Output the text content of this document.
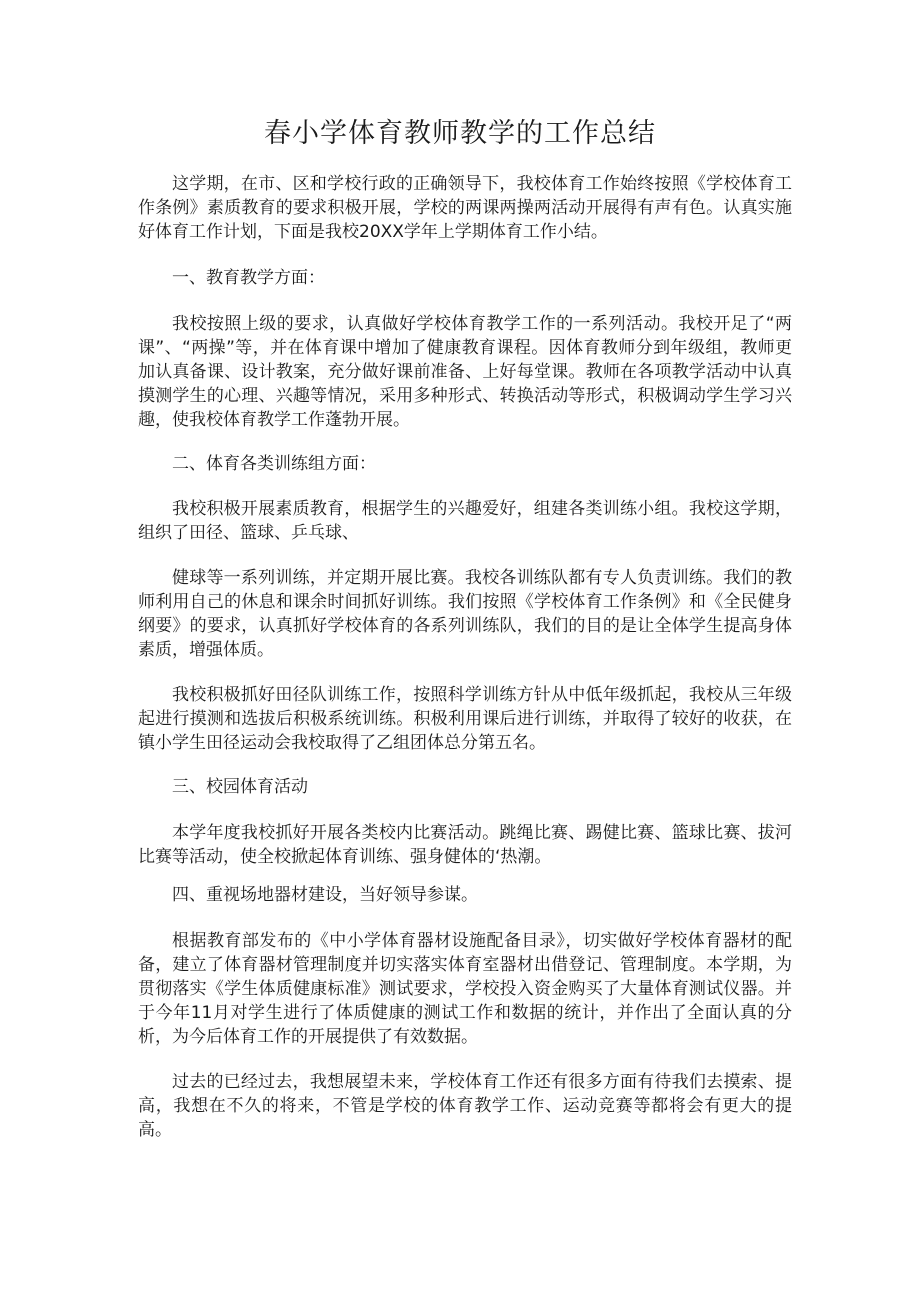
春小学体育教师教学的工作总结

这学期，在市、区和学校行政的正确领导下，我校体育工作始终按照《学校体育工作条例》素质教育的要求积极开展，学校的两课两操两活动开展得有声有色。认真实施好体育工作计划，下面是我校20XX学年上学期体育工作小结。

一、教育教学方面：

我校按照上级的要求，认真做好学校体育教学工作的一系列活动。我校开足了“两课”、“两操”等，并在体育课中增加了健康教育课程。因体育教师分到年级组，教师更加认真备课、设计教案，充分做好课前准备、上好每堂课。教师在各项教学活动中认真摸测学生的心理、兴趣等情况，采用多种形式、转换活动等形式，积极调动学生学习兴趣，使我校体育教学工作蓬勃开展。

二、体育各类训练组方面：

我校积极开展素质教育，根据学生的兴趣爱好，组建各类训练小组。我校这学期，组织了田径、篮球、乒乓球、

健球等一系列训练，并定期开展比赛。我校各训练队都有专人负责训练。我们的教师利用自己的休息和课余时间抓好训练。我们按照《学校体育工作条例》和《全民健身纲要》的要求，认真抓好学校体育的各系列训练队，我们的目的是让全体学生提高身体素质，增强体质。

我校积极抓好田径队训练工作，按照科学训练方针从中低年级抓起，我校从三年级起进行摸测和选拔后积极系统训练。积极利用课后进行训练，并取得了较好的收获，在镇小学生田径运动会我校取得了乙组团体总分第五名。

三、校园体育活动

本学年度我校抓好开展各类校内比赛活动。跳绳比赛、踢健比赛、篮球比赛、拔河比赛等活动，使全校掀起体育训练、强身健体的‘热潮。

四、重视场地器材建设，当好领导参谋。

根据教育部发布的《中小学体育器材设施配备目录》，切实做好学校体育器材的配备，建立了体育器材管理制度并切实落实体育室器材出借登记、管理制度。本学期，为贯彻落实《学生体质健康标准》测试要求，学校投入资金购买了大量体育测试仪器。并于今年11月对学生进行了体质健康的测试工作和数据的统计，并作出了全面认真的分析，为今后体育工作的开展提供了有效数据。

过去的已经过去，我想展望未来，学校体育工作还有很多方面有待我们去摸索、提高，我想在不久的将来，不管是学校的体育教学工作、运动竞赛等都将会有更大的提高。
